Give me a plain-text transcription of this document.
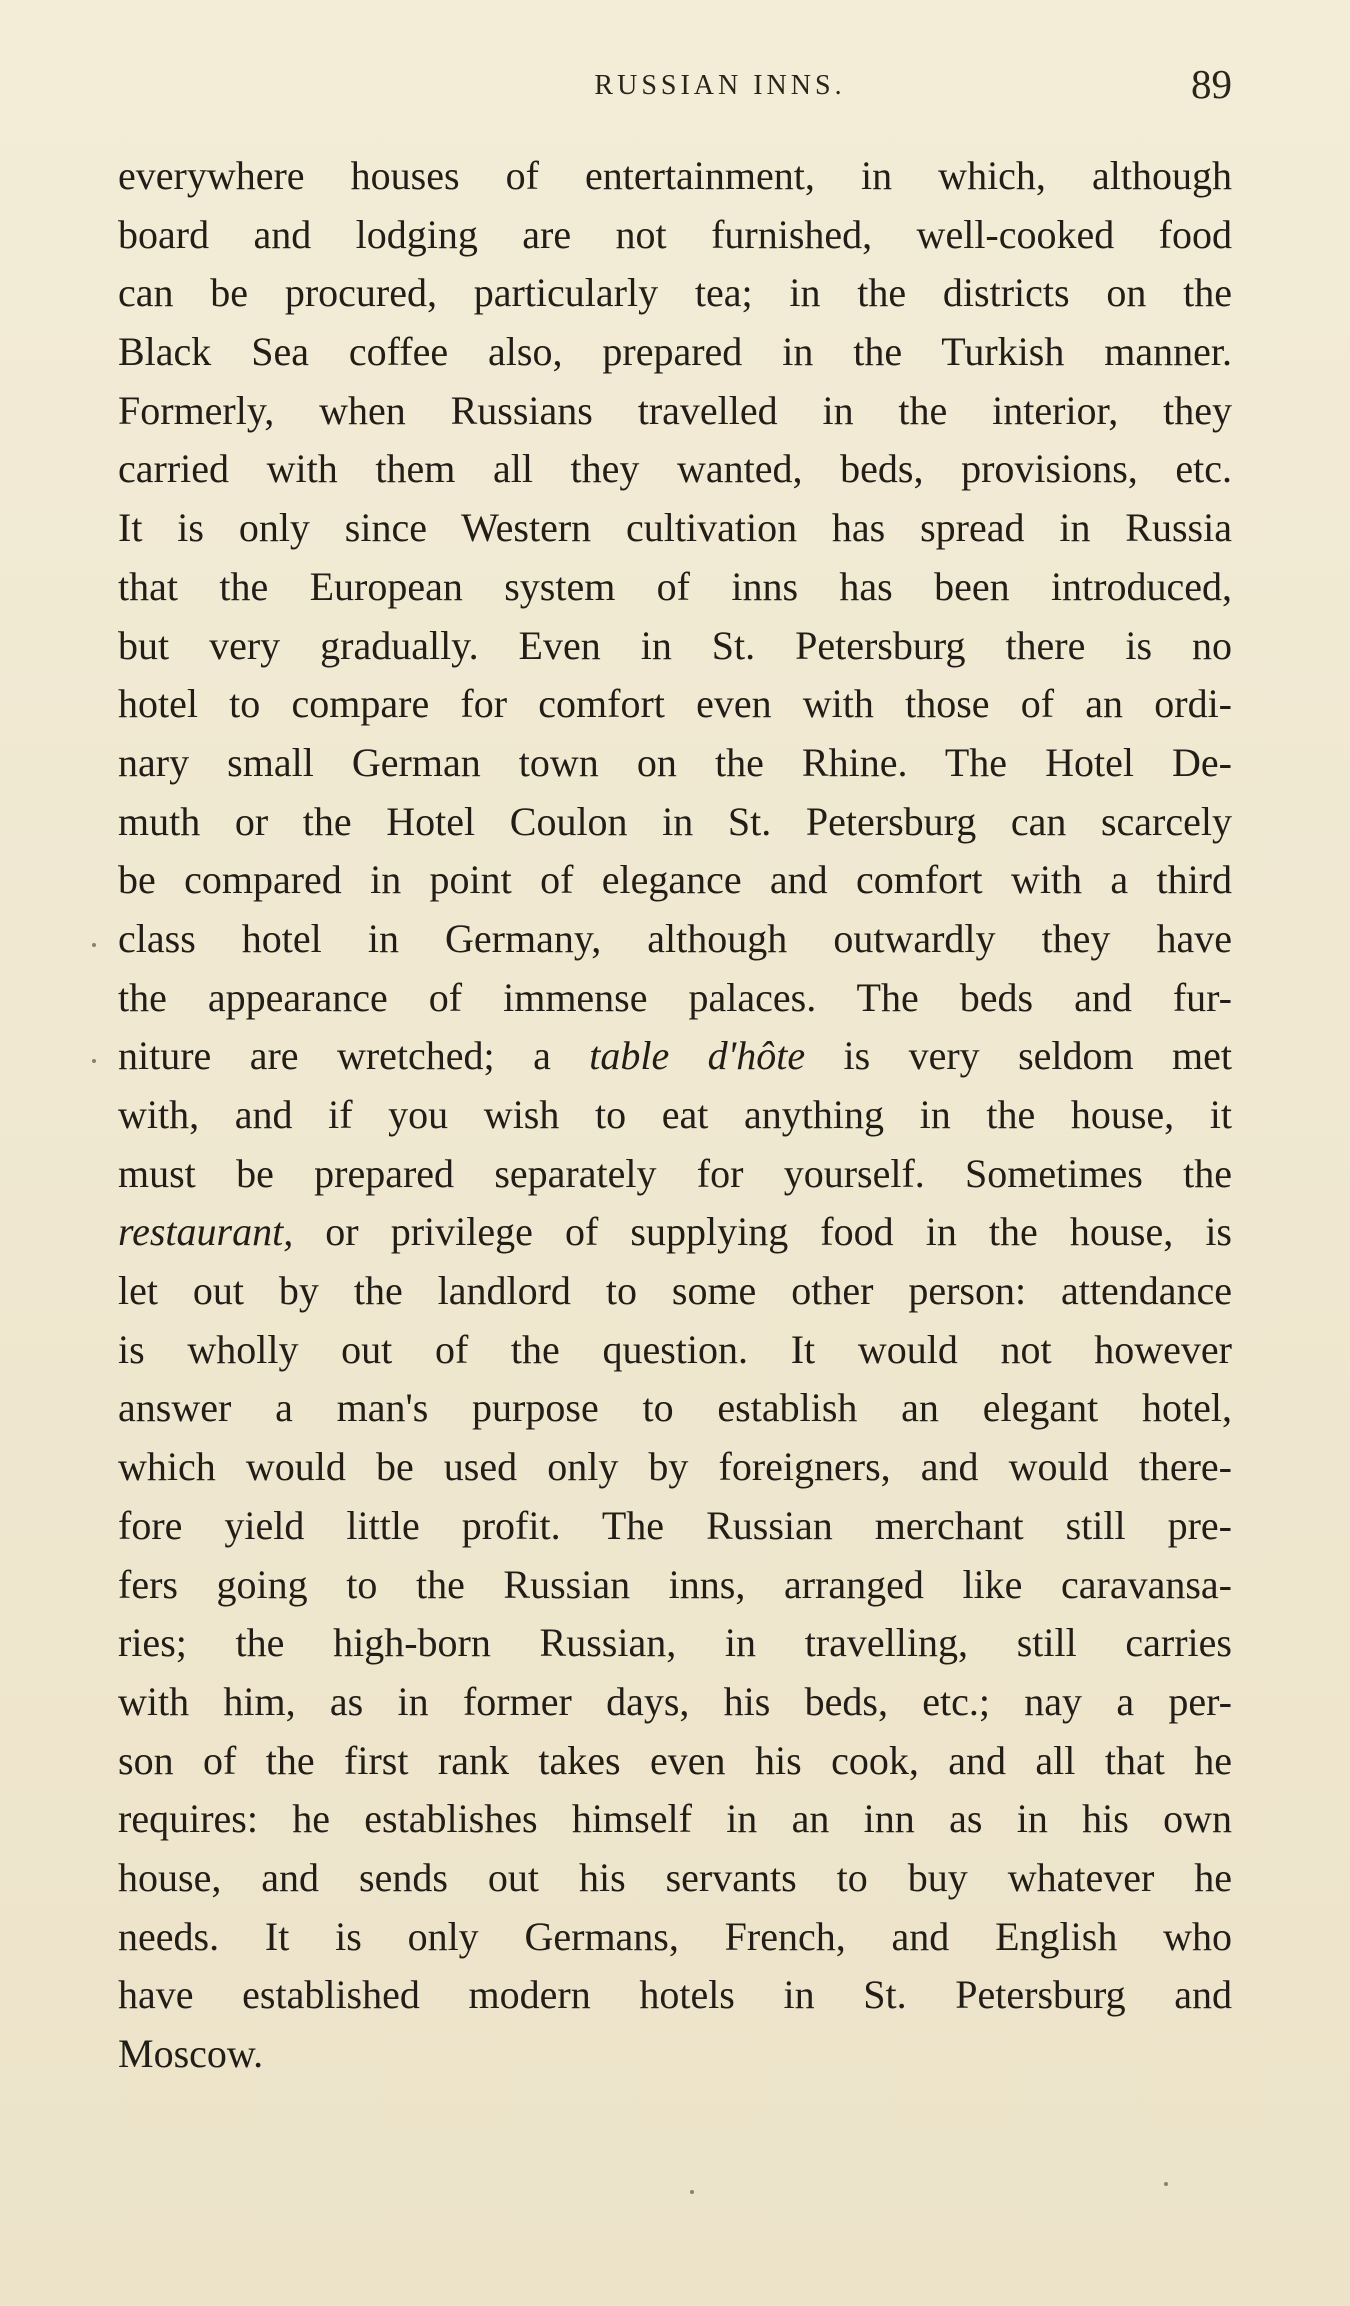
RUSSIAN INNS.	89
everywhere houses of entertainment, in which, although
board and lodging are not furnished, well-cooked food
can be procured, particularly tea; in the districts on the
Black Sea coffee also, prepared in the Turkish manner.
Formerly, when Russians travelled in the interior, they
carried with them all they wanted, beds, provisions, etc.
It is only since Western cultivation has spread in Russia
that the European system of inns has been introduced,
but very gradually. Even in St. Petersburg there is no
hotel to compare for comfort even with those of an ordi-
nary small German town on the Rhine. The Hotel De-
muth or the Hotel Coulon in St. Petersburg can scarcely
be compared in point of elegance and comfort with a third
class hotel in Germany, although outwardly they have
the appearance of immense palaces. The beds and fur-
niture are wretched; a table d'hôte is very seldom met
with, and if you wish to eat anything in the house, it
must be prepared separately for yourself. Sometimes the
restaurant, or privilege of supplying food in the house, is
let out by the landlord to some other person: attendance
is wholly out of the question. It would not however
answer a man's purpose to establish an elegant hotel,
which would be used only by foreigners, and would there-
fore yield little profit. The Russian merchant still pre-
fers going to the Russian inns, arranged like caravansa-
ries; the high-born Russian, in travelling, still carries
with him, as in former days, his beds, etc.; nay a per-
son of the first rank takes even his cook, and all that he
requires: he establishes himself in an inn as in his own
house, and sends out his servants to buy whatever he
needs. It is only Germans, French, and English who
have established modern hotels in St. Petersburg and
Moscow.
